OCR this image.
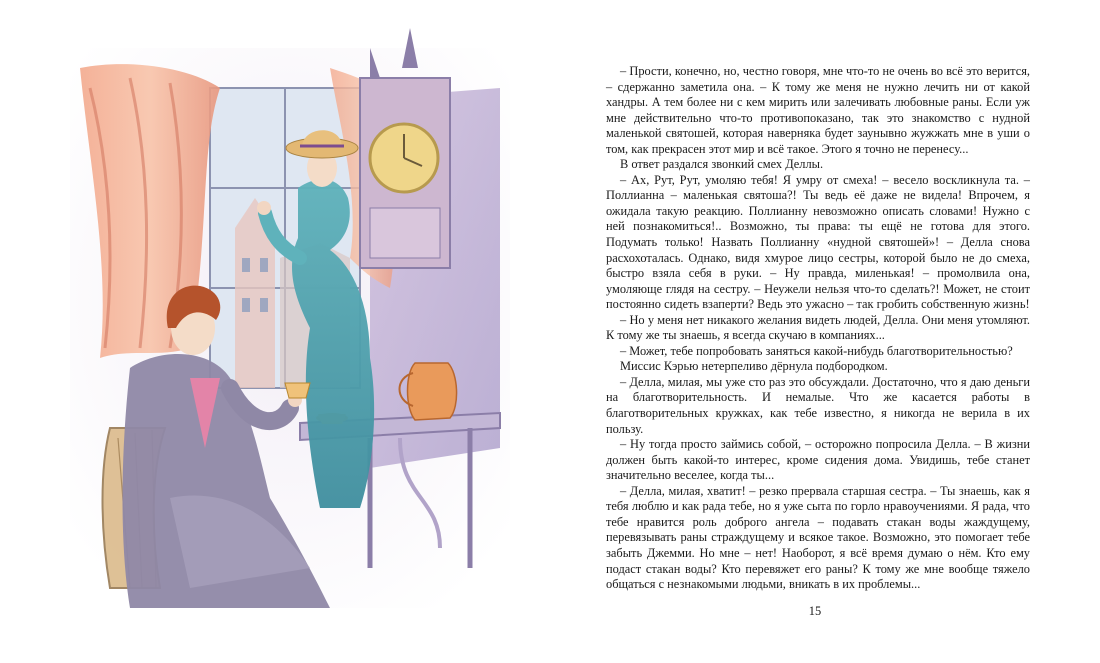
– Прости, конечно, но, честно говоря, мне что-то не очень во всё это верится, – сдержанно заметила она. – К тому же меня не нужно лечить ни от какой хандры. А тем более ни с кем мирить или залечивать любовные раны. Если уж мне действительно что-то противопоказано, так это знакомство с нудной маленькой святошей, которая наверняка будет заунывно жужжать мне в уши о том, как прекрасен этот мир и всё такое. Этого я точно не перенесу...

В ответ раздался звонкий смех Деллы.

– Ах, Рут, Рут, умоляю тебя! Я умру от смеха! – весело воскликнула та. – Поллианна – маленькая святоша?! Ты ведь её даже не видела! Впрочем, я ожидала такую реакцию. Поллианну невозможно описать словами! Нужно с ней познакомиться!.. Возможно, ты права: ты ещё не готова для этого. Подумать только! Назвать Поллианну «нудной святошей»! – Делла снова расхохоталась. Однако, видя хмурое лицо сестры, которой было не до смеха, быстро взяла себя в руки. – Ну правда, миленькая! – промолвила она, умоляюще глядя на сестру. – Неужели нельзя что-то сделать?! Может, не стоит постоянно сидеть взаперти? Ведь это ужасно – так гробить собственную жизнь!

– Но у меня нет никакого желания видеть людей, Делла. Они меня утомляют. К тому же ты знаешь, я всегда скучаю в компаниях...

– Может, тебе попробовать заняться какой-нибудь благотворительностью?

Миссис Кэрью нетерпеливо дёрнула подбородком.

– Делла, милая, мы уже сто раз это обсуждали. Достаточно, что я даю деньги на благотворительность. И немалые. Что же касается работы в благотворительных кружках, как тебе известно, я никогда не верила в их пользу.

– Ну тогда просто займись собой, – осторожно попросила Делла. – В жизни должен быть какой-то интерес, кроме сидения дома. Увидишь, тебе станет значительно веселее, когда ты...

– Делла, милая, хватит! – резко прервала старшая сестра. – Ты знаешь, как я тебя люблю и как рада тебе, но я уже сыта по горло нравоучениями. Я рада, что тебе нравится роль доброго ангела – подавать стакан воды жаждущему, перевязывать раны страждущему и всякое такое. Возможно, это помогает тебе забыть Джемми. Но мне – нет! Наоборот, я всё время думаю о нём. Кто ему подаст стакан воды? Кто перевяжет его раны? К тому же мне вообще тяжело общаться с незнакомыми людьми, вникать в их проблемы...

15
